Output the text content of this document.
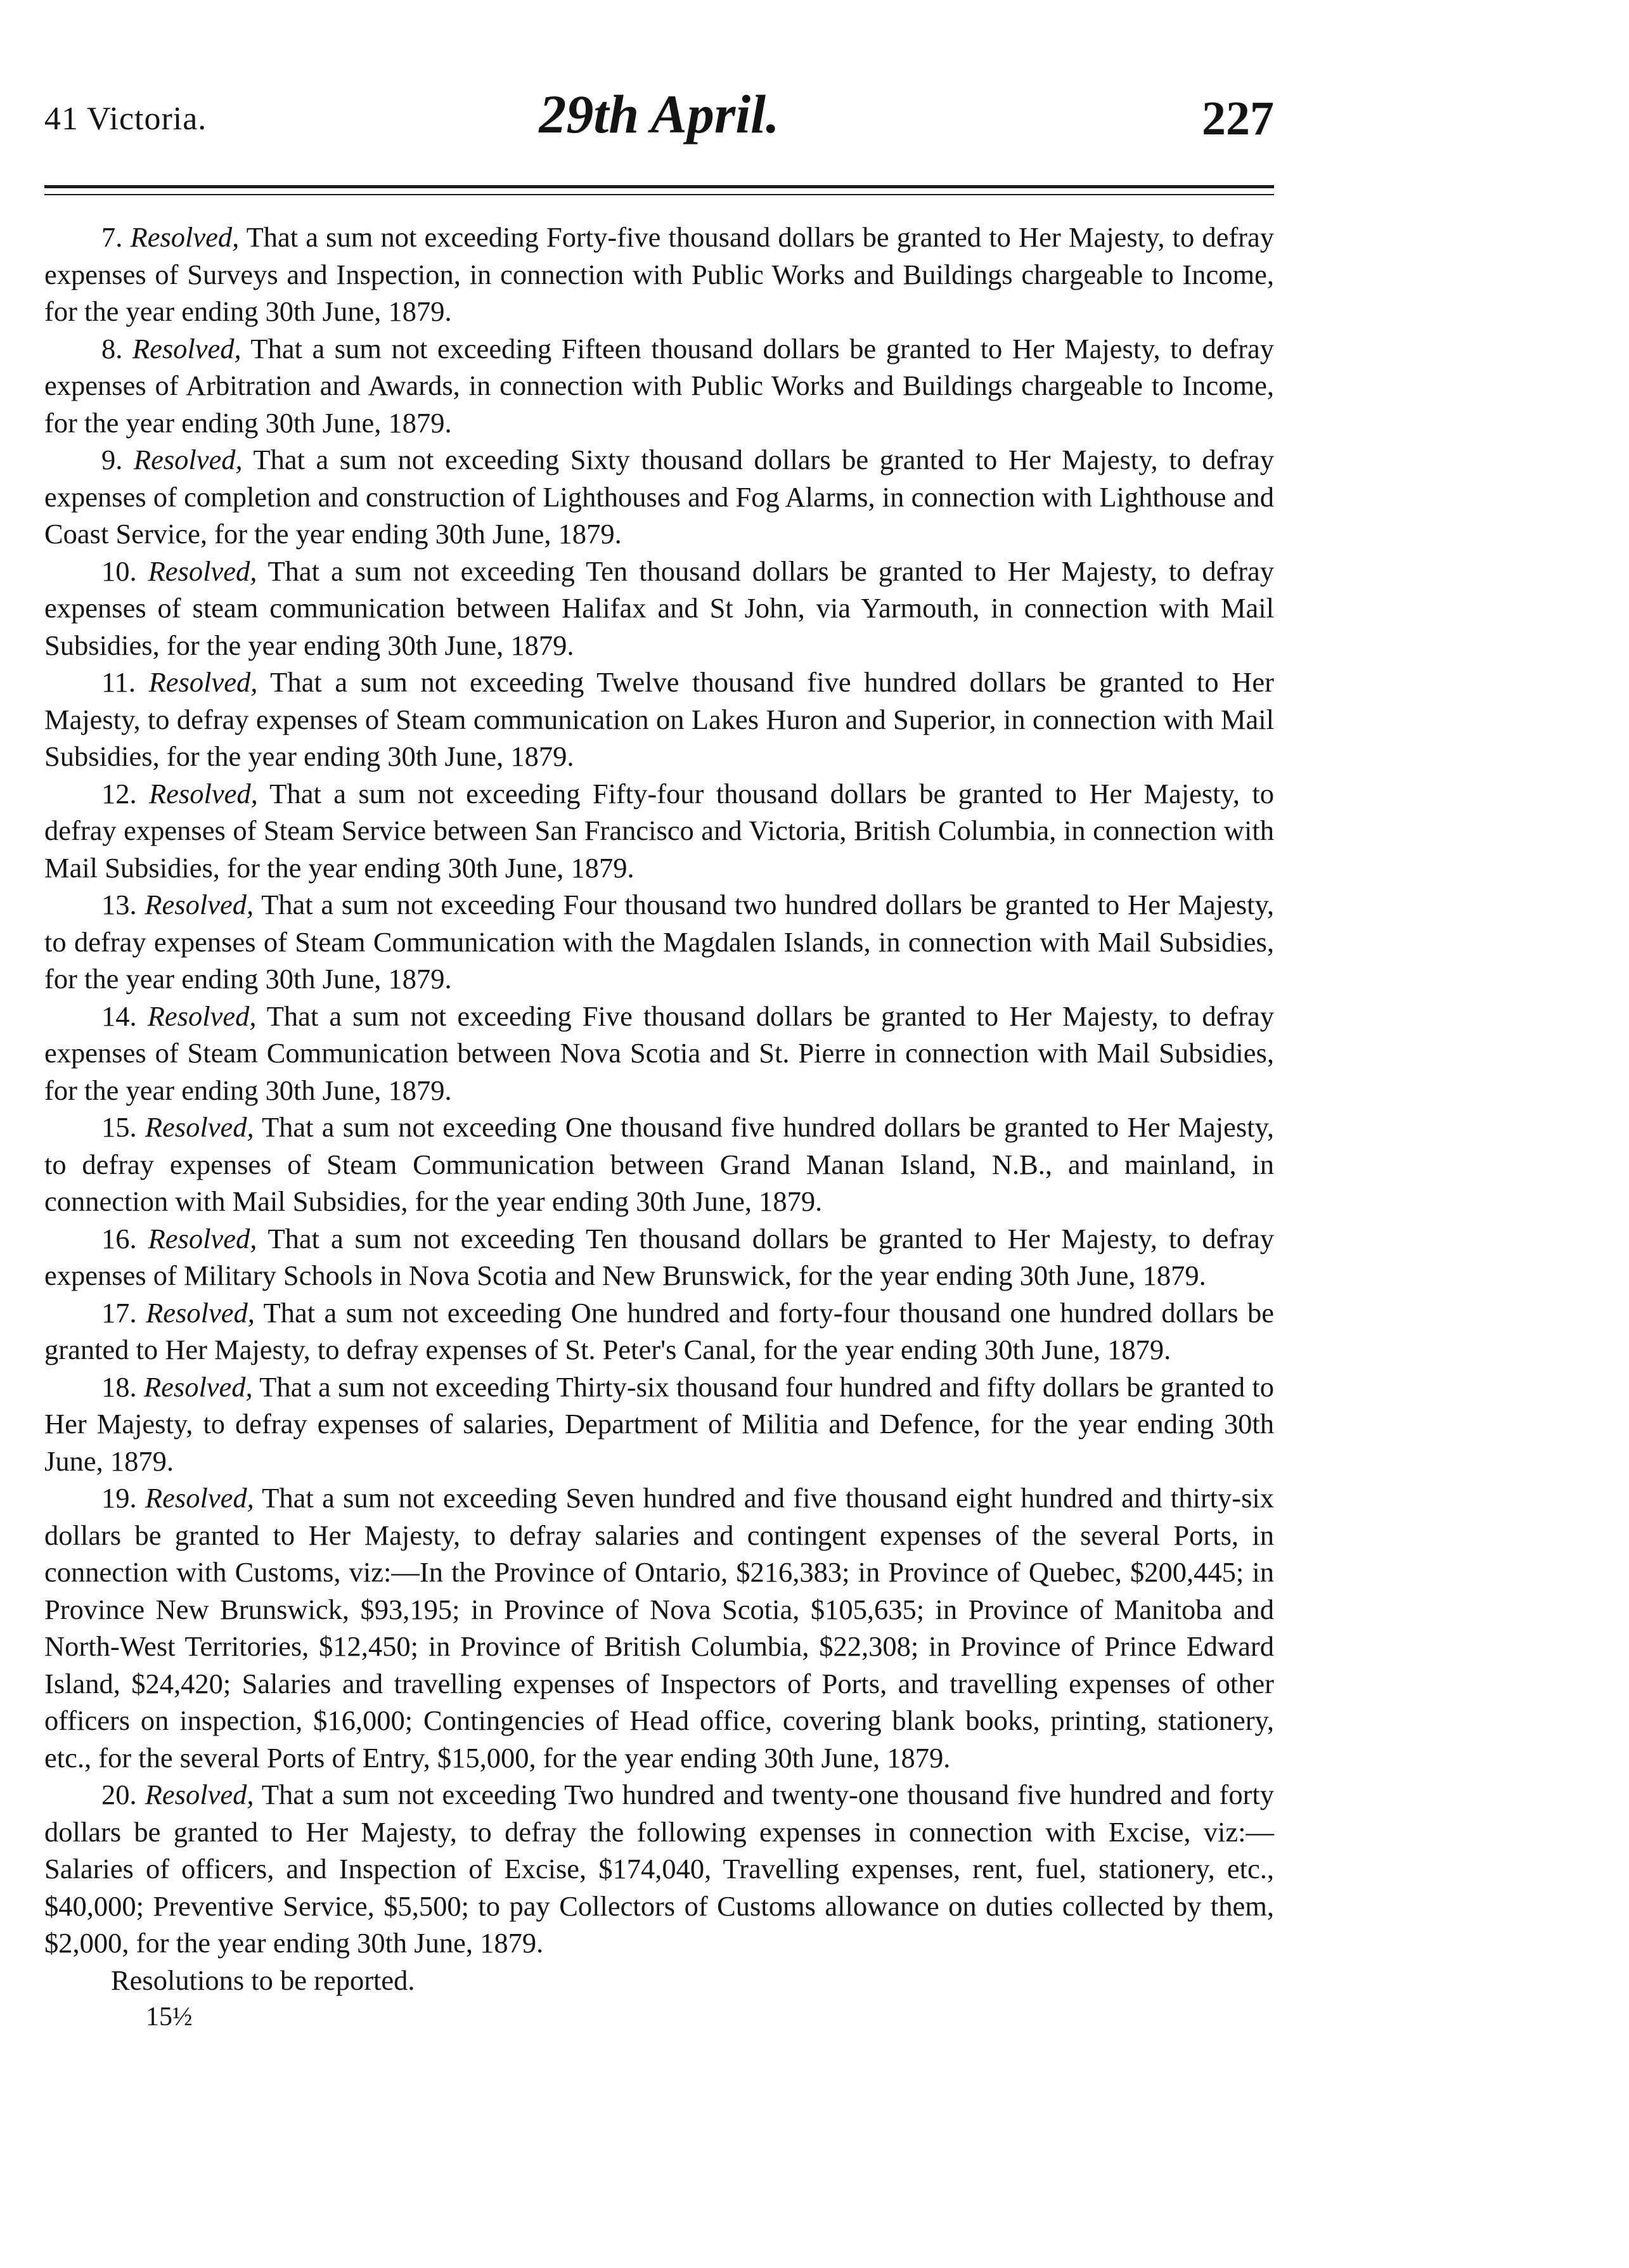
41 Victoria.	29th April.	227

7. Resolved, That a sum not exceeding Forty-five thousand dollars be granted to Her Majesty, to defray expenses of Surveys and Inspection, in connection with Public Works and Buildings chargeable to Income, for the year ending 30th June, 1879.

8. Resolved, That a sum not exceeding Fifteen thousand dollars be granted to Her Majesty, to defray expenses of Arbitration and Awards, in connection with Public Works and Buildings chargeable to Income, for the year ending 30th June, 1879.

9. Resolved, That a sum not exceeding Sixty thousand dollars be granted to Her Majesty, to defray expenses of completion and construction of Lighthouses and Fog Alarms, in connection with Lighthouse and Coast Service, for the year ending 30th June, 1879.

10. Resolved, That a sum not exceeding Ten thousand dollars be granted to Her Majesty, to defray expenses of steam communication between Halifax and St John, via Yarmouth, in connection with Mail Subsidies, for the year ending 30th June, 1879.

11. Resolved, That a sum not exceeding Twelve thousand five hundred dollars be granted to Her Majesty, to defray expenses of Steam communication on Lakes Huron and Superior, in connection with Mail Subsidies, for the year ending 30th June, 1879.

12. Resolved, That a sum not exceeding Fifty-four thousand dollars be granted to Her Majesty, to defray expenses of Steam Service between San Francisco and Victoria, British Columbia, in connection with Mail Subsidies, for the year ending 30th June, 1879.

13. Resolved, That a sum not exceeding Four thousand two hundred dollars be granted to Her Majesty, to defray expenses of Steam Communication with the Magdalen Islands, in connection with Mail Subsidies, for the year ending 30th June, 1879.

14. Resolved, That a sum not exceeding Five thousand dollars be granted to Her Majesty, to defray expenses of Steam Communication between Nova Scotia and St. Pierre in connection with Mail Subsidies, for the year ending 30th June, 1879.

15. Resolved, That a sum not exceeding One thousand five hundred dollars be granted to Her Majesty, to defray expenses of Steam Communication between Grand Manan Island, N.B., and mainland, in connection with Mail Subsidies, for the year ending 30th June, 1879.

16. Resolved, That a sum not exceeding Ten thousand dollars be granted to Her Majesty, to defray expenses of Military Schools in Nova Scotia and New Brunswick, for the year ending 30th June, 1879.

17. Resolved, That a sum not exceeding One hundred and forty-four thousand one hundred dollars be granted to Her Majesty, to defray expenses of St. Peter's Canal, for the year ending 30th June, 1879.

18. Resolved, That a sum not exceeding Thirty-six thousand four hundred and fifty dollars be granted to Her Majesty, to defray expenses of salaries, Department of Militia and Defence, for the year ending 30th June, 1879.

19. Resolved, That a sum not exceeding Seven hundred and five thousand eight hundred and thirty-six dollars be granted to Her Majesty, to defray salaries and contingent expenses of the several Ports, in connection with Customs, viz:—In the Province of Ontario, $216,383; in Province of Quebec, $200,445; in Province New Brunswick, $93,195; in Province of Nova Scotia, $105,635; in Province of Manitoba and North-West Territories, $12,450; in Province of British Columbia, $22,308; in Province of Prince Edward Island, $24,420; Salaries and travelling expenses of Inspectors of Ports, and travelling expenses of other officers on inspection, $16,000; Contingencies of Head office, covering blank books, printing, stationery, etc., for the several Ports of Entry, $15,000, for the year ending 30th June, 1879.

20. Resolved, That a sum not exceeding Two hundred and twenty-one thousand five hundred and forty dollars be granted to Her Majesty, to defray the following expenses in connection with Excise, viz:—Salaries of officers, and Inspection of Excise, $174,040, Travelling expenses, rent, fuel, stationery, etc., $40,000; Preventive Service, $5,500; to pay Collectors of Customs allowance on duties collected by them, $2,000, for the year ending 30th June, 1879.

Resolutions to be reported.

15½
